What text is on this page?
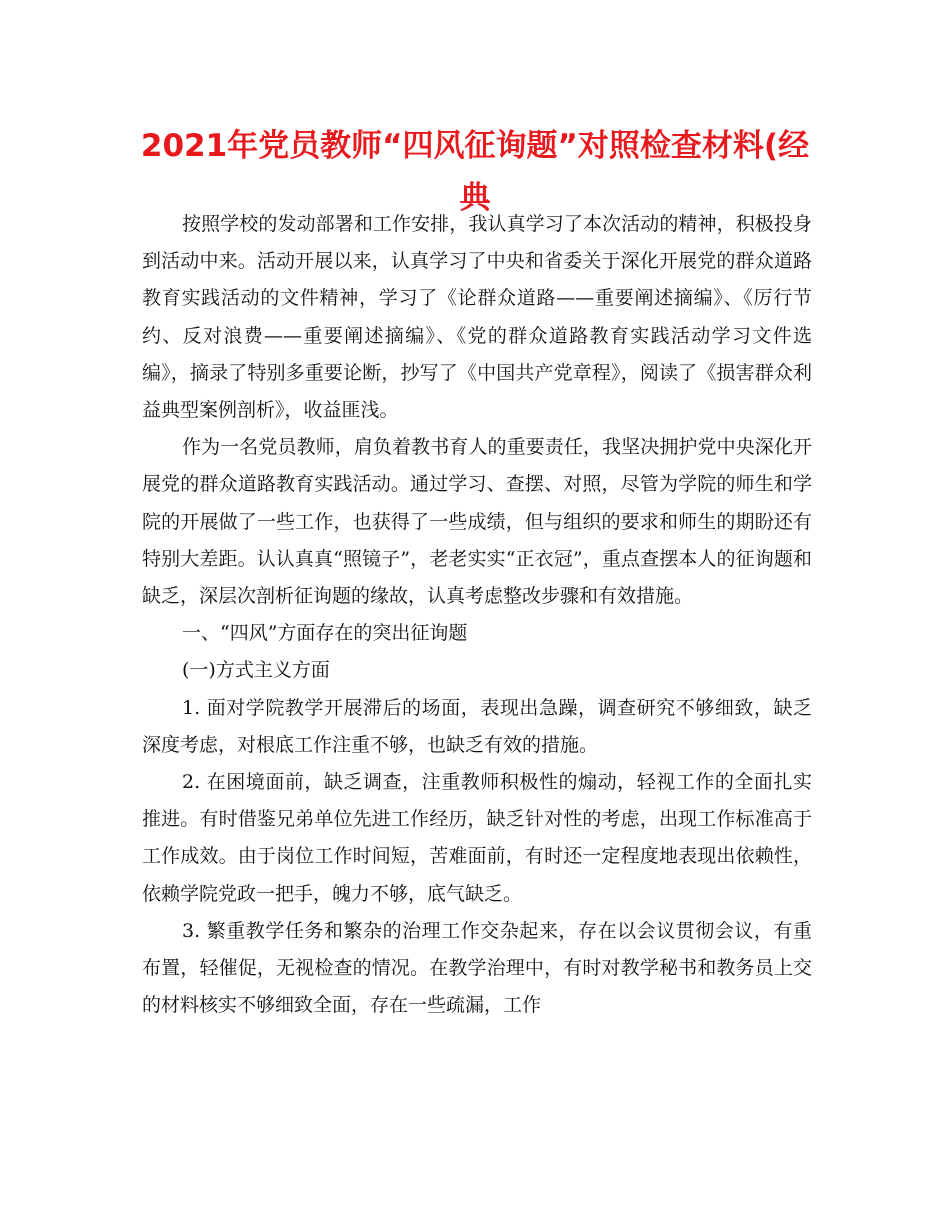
2021年党员教师“四风征询题”对照检查材料(经典

按照学校的发动部署和工作安排，我认真学习了本次活动的精神，积极投身到活动中来。活动开展以来，认真学习了中央和省委关于深化开展党的群众道路教育实践活动的文件精神，学习了《论群众道路——重要阐述摘编》、《厉行节约、反对浪费——重要阐述摘编》、《党的群众道路教育实践活动学习文件选编》，摘录了特别多重要论断，抄写了《中国共产党章程》，阅读了《损害群众利益典型案例剖析》，收益匪浅。

作为一名党员教师，肩负着教书育人的重要责任，我坚决拥护党中央深化开展党的群众道路教育实践活动。通过学习、查摆、对照，尽管为学院的师生和学院的开展做了一些工作，也获得了一些成绩，但与组织的要求和师生的期盼还有特别大差距。认认真真“照镜子”，老老实实“正衣冠”，重点查摆本人的征询题和缺乏，深层次剖析征询题的缘故，认真考虑整改步骤和有效措施。

一、“四风”方面存在的突出征询题

(一)方式主义方面

1. 面对学院教学开展滞后的场面，表现出急躁，调查研究不够细致，缺乏深度考虑，对根底工作注重不够，也缺乏有效的措施。

2. 在困境面前，缺乏调查，注重教师积极性的煽动，轻视工作的全面扎实推进。有时借鉴兄弟单位先进工作经历，缺乏针对性的考虑，出现工作标准高于工作成效。由于岗位工作时间短，苦难面前，有时还一定程度地表现出依赖性，依赖学院党政一把手，魄力不够，底气缺乏。

3. 繁重教学任务和繁杂的治理工作交杂起来，存在以会议贯彻会议，有重布置，轻催促，无视检查的情况。在教学治理中，有时对教学秘书和教务员上交的材料核实不够细致全面，存在一些疏漏，工作
